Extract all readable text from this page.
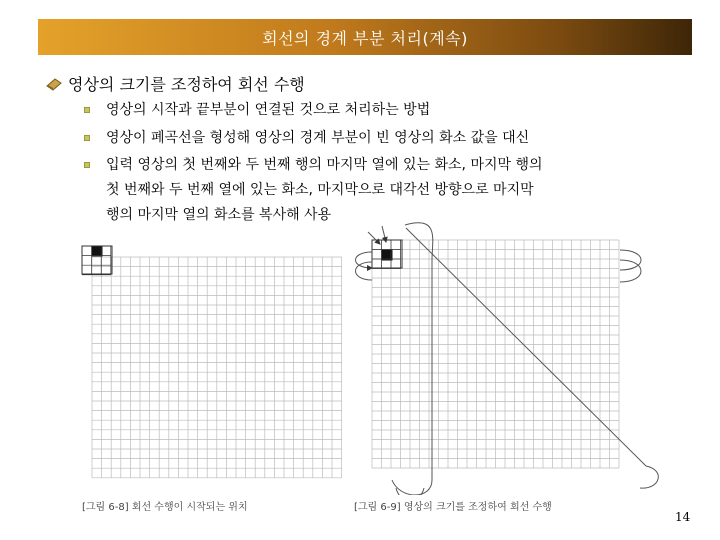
회선의 경계 부분 처리(계속)
영상의 크기를 조정하여 회선 수행
영상의 시작과 끝부분이 연결된 것으로 처리하는 방법
영상이 폐곡선을 형성해 영상의 경계 부분이 빈 영상의 화소 값을 대신
입력 영상의 첫 번째와 두 번째 행의 마지막 열에 있는 화소, 마지막 행의
첫 번째와 두 번째 열에 있는 화소, 마지막으로 대각선 방향으로 마지막
행의 마지막 열의 화소를 복사해 사용
[그림 6-8] 회선 수행이 시작되는 위치	[그림 6-9] 영상의 크기를 조정하여 회선 수행
14
